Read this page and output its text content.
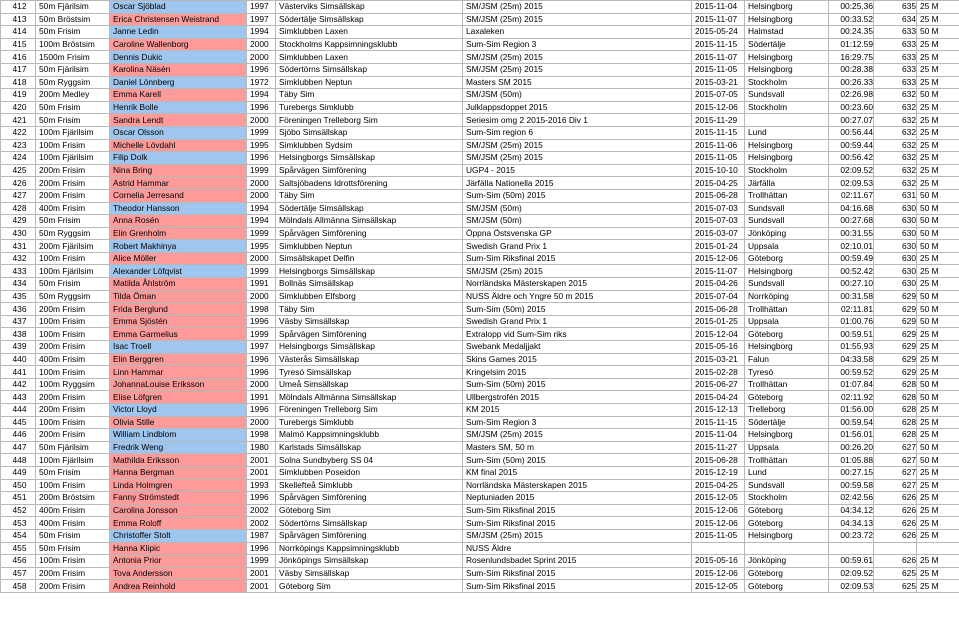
412	50m Fjärilsim	Oscar Sjöblad	1997	Västerviks Simsällskap	SM/JSM (25m) 2015	2015-11-04	Helsingborg	00:25.36	635	25 M
413	50m Bröstsim	Erica Christensen Weistrand	1997	Södertälje Simsällskap	SM/JSM (25m) 2015	2015-11-07	Helsingborg	00:33.52	634	25 M
414	50m Frisim	Janne Ledin	1994	Simklubben Laxen	Laxaleken	2015-05-24	Halmstad	00:24.35	633	50 M
415	100m Bröstsim	Caroline Wallenborg	2000	Stockholms Kappsimningsklubb	Sum-Sim Region 3	2015-11-15	Södertälje	01:12.59	633	25 M
416	1500m Frisim	Dennis Dukic	2000	Simklubben Laxen	SM/JSM (25m) 2015	2015-11-07	Helsingborg	16:29.75	633	25 M
417	50m Fjärilsim	Karolina Näsén	1996	Södertörns Simsällskap	SM/JSM (25m) 2015	2015-11-05	Helsingborg	00:28.38	633	25 M
418	50m Ryggsim	Daniel Lönnberg	1972	Simklubben Neptun	Masters SM 2015	2015-03-21	Stockholm	00:26.33	633	25 M
419	200m Medley	Emma Karell	1994	Täby Sim	SM/JSM (50m)	2015-07-05	Sundsvall	02:26.98	632	50 M
420	50m Frisim	Henrik Bolle	1996	Turebergs Simklubb	Julklappsdoppet 2015	2015-12-06	Stockholm	00:23.60	632	25 M
421	50m Frisim	Sandra Lendt	2000	Föreningen Trelleborg Sim	Seriesim omg 2 2015-2016 Div 1	2015-11-29		00:27.07	632	25 M
422	100m Fjärilsim	Oscar Olsson	1999	Sjöbo Simsällskap	Sum-Sim region 6	2015-11-15	Lund	00:56.44	632	25 M
423	100m Frisim	Michelle Lövdahl	1995	Simklubben Sydsim	SM/JSM (25m) 2015	2015-11-06	Helsingborg	00:59.44	632	25 M
424	100m Fjärilsim	Filip Dolk	1996	Helsingborgs Simsällskap	SM/JSM (25m) 2015	2015-11-05	Helsingborg	00:56.42	632	25 M
425	200m Frisim	Nina Bring	1999	Spårvägen Simförening	UGP4 - 2015	2015-10-10	Stockholm	02:09.52	632	25 M
426	200m Frisim	Astrid Hammar	2000	Saltsjöbadens Idrottsförening	Järfälla Nationella 2015	2015-04-25	Järfälla	02:09.53	632	25 M
427	200m Frisim	Cornelia Jerresand	2000	Täby Sim	Sum-Sim (50m) 2015	2015-06-28	Trollhättan	02:11.67	631	50 M
428	400m Frisim	Theodor Hansson	1994	Södertälje Simsällskap	SM/JSM (50m)	2015-07-03	Sundsvall	04:16.68	630	50 M
429	50m Frisim	Anna Rosén	1994	Mölndals Allmänna Simsällskap	SM/JSM (50m)	2015-07-03	Sundsvall	00:27.68	630	50 M
430	50m Ryggsim	Elin Grenholm	1999	Spårvägen Simförening	Öppna Östsvenska GP	2015-03-07	Jönköping	00:31.55	630	50 M
431	200m Fjärilsim	Robert Makhinya	1995	Simklubben Neptun	Swedish Grand Prix 1	2015-01-24	Uppsala	02:10.01	630	50 M
432	100m Frisim	Alice Möller	2000	Simsällskapet Delfin	Sum-Sim Riksfinal 2015	2015-12-06	Göteborg	00:59.49	630	25 M
433	100m Fjärilsim	Alexander Löfqvist	1999	Helsingborgs Simsällskap	SM/JSM (25m) 2015	2015-11-07	Helsingborg	00:52.42	630	25 M
434	50m Frisim	Matilda Åhlström	1991	Bollnäs Simsällskap	Norrländska Mästerskapen 2015	2015-04-26	Sundsvall	00:27.10	630	25 M
435	50m Ryggsim	Tilda Öman	2000	Simklubben Elfsborg	NUSS Äldre och Yngre 50 m 2015	2015-07-04	Norrköping	00:31.58	629	50 M
436	200m Frisim	Frida Berglund	1998	Täby Sim	Sum-Sim (50m) 2015	2015-06-28	Trollhättan	02:11.81	629	50 M
437	100m Frisim	Emma Sjöstén	1996	Väsby Simsällskap	Swedish Grand Prix 1	2015-01-25	Uppsala	01:00.76	629	50 M
438	100m Frisim	Emma Garmelius	1999	Spårvägen Simförening	Extralopp vid Sum-Sim riks	2015-12-04	Göteborg	00:59.51	629	25 M
439	200m Frisim	Isac Troell	1997	Helsingborgs Simsällskap	Swebank Medaljjakt	2015-05-16	Helsingborg	01:55.93	629	25 M
440	400m Frisim	Elin Berggren	1996	Västerås Simsällskap	Skins Games 2015	2015-03-21	Falun	04:33.58	629	25 M
441	100m Frisim	Linn Hammar	1996	Tyresö Simsällskap	Kringelsim 2015	2015-02-28	Tyresö	00:59.52	629	25 M
442	100m Ryggsim	JohannaLouise Eriksson	2000	Umeå Simsällskap	Sum-Sim (50m) 2015	2015-06-27	Trollhättan	01:07.84	628	50 M
443	200m Frisim	Elise Löfgren	1991	Mölndals Allmänna Simsällskap	Ullbergstrofén 2015	2015-04-24	Göteborg	02:11.92	628	50 M
444	200m Frisim	Victor Lloyd	1996	Föreningen Trelleborg Sim	KM 2015	2015-12-13	Trelleborg	01:56.00	628	25 M
445	100m Frisim	Olivia Stille	2000	Turebergs Simklubb	Sum-Sim Region 3	2015-11-15	Södertälje	00:59.54	628	25 M
446	200m Frisim	William Lindblom	1998	Malmö Kappsimningsklubb	SM/JSM (25m) 2015	2015-11-04	Helsingborg	01:56.01	628	25 M
447	50m Fjärilsim	Fredrik Weng	1980	Karlstads Simsällskap	Masters SM, 50 m	2015-11-27	Uppsala	00:26.20	627	50 M
448	100m Fjärilsim	Mathilda Eriksson	2001	Solna Sundbyberg SS 04	Sum-Sim (50m) 2015	2015-06-28	Trollhättan	01:05.88	627	50 M
449	50m Frisim	Hanna Bergman	2001	Simklubben Poseidon	KM final 2015	2015-12-19	Lund	00:27.15	627	25 M
450	100m Frisim	Linda Holmgren	1993	Skellefteå Simklubb	Norrländska Mästerskapen 2015	2015-04-25	Sundsvall	00:59.58	627	25 M
451	200m Bröstsim	Fanny Strömstedt	1996	Spårvägen Simförening	Neptuniaden 2015	2015-12-05	Stockholm	02:42.56	626	25 M
452	400m Frisim	Carolina Jonsson	2002	Göteborg Sim	Sum-Sim Riksfinal 2015	2015-12-06	Göteborg	04:34.12	626	25 M
453	400m Frisim	Emma Roloff	2002	Södertörns Simsällskap	Sum-Sim Riksfinal 2015	2015-12-06	Göteborg	04:34.13	626	25 M
454	50m Frisim	Christoffer Stolt	1987	Spårvägen Simförening	SM/JSM (25m) 2015	2015-11-05	Helsingborg	00:23.72	626	25 M
455	50m Frisim	Hanna Klipic	1996	Norrköpings Kappsimningsklubb	NUSS Äldre					
456	100m Frisim	Antonia Prior	1999	Jönköpings Simsällskap	Rosenlundsbadet Sprint 2015	2015-05-16	Jönköping	00:59.61	626	25 M
457	200m Frisim	Tova Andersson	2001	Väsby Simsällskap	Sum-Sim Riksfinal 2015	2015-12-06	Göteborg	02:09.52	625	25 M
458	200m Frisim	Andrea Reinhold	2001	Göteborg Sim	Sum-Sim Riksfinal 2015	2015-12-05	Göteborg	02:09.53	625	25 M
